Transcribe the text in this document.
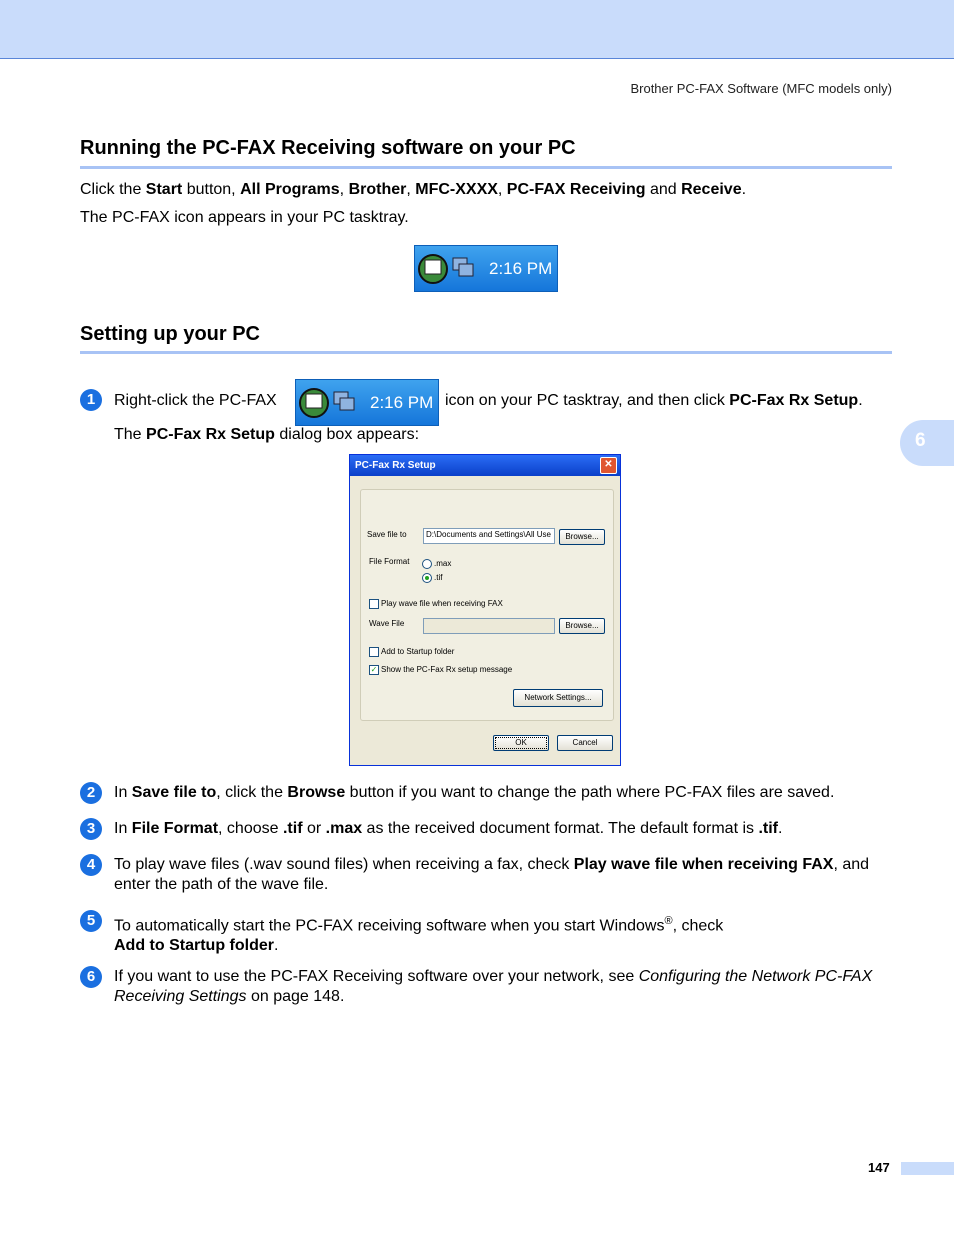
Brother PC-FAX Software (MFC models only)
Running the PC-FAX Receiving software on your PC
Click the Start button, All Programs, Brother, MFC-XXXX, PC-FAX Receiving and Receive.
The PC-FAX icon appears in your PC tasktray.
2:16 PM
Setting up your PC
1	Right-click the PC-FAX	2:16 PM icon on your PC tasktray, and then click PC-Fax Rx Setup.
The PC-Fax Rx Setup dialog box appears:
PC-Fax Rx Setup	✕
Save file to	D:\Documents and Settings\All Use	Browse...
File Format	.max
.tif
Play wave file when receiving FAX
Wave File	Browse...
Add to Startup folder
✓ Show the PC-Fax Rx setup message
Network Settings...
OK	Cancel
2	In Save file to, click the Browse button if you want to change the path where PC-FAX files are saved.
3	In File Format, choose .tif or .max as the received document format. The default format is .tif.
4	To play wave files (.wav sound files) when receiving a fax, check Play wave file when receiving FAX, and enter the path of the wave file.
5	To automatically start the PC-FAX receiving software when you start Windows®, check
Add to Startup folder.
6	If you want to use the PC-FAX Receiving software over your network, see Configuring the Network PC-FAX Receiving Settings on page 148.
6
147
